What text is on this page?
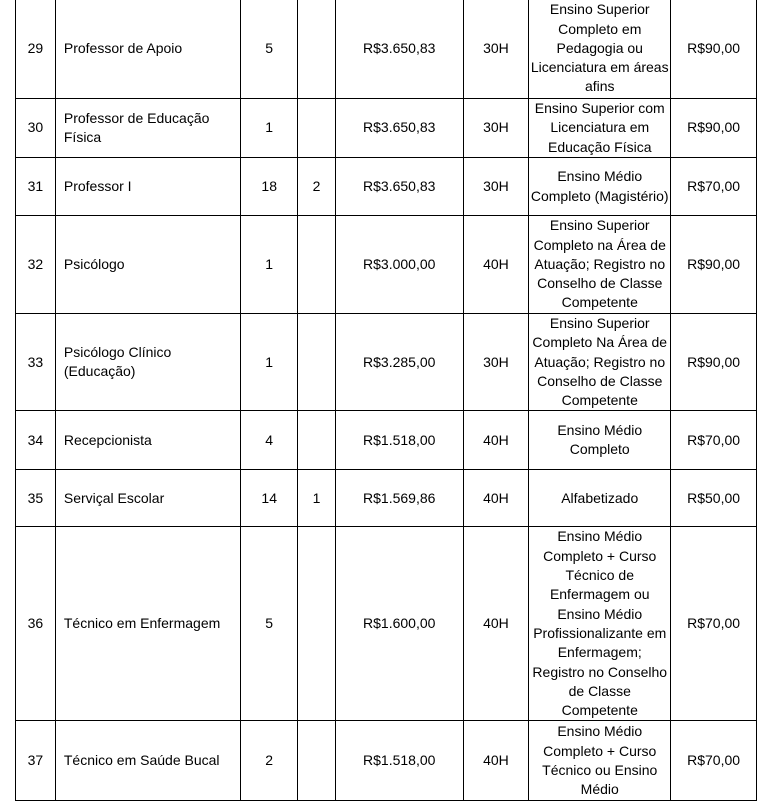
29	Professor de Apoio	5		R$3.650,83	30H	Ensino Superior Completo em Pedagogia ou Licenciatura em áreas afins	R$90,00
30	Professor de Educação Física	1		R$3.650,83	30H	Ensino Superior com Licenciatura em Educação Física	R$90,00
31	Professor I	18	2	R$3.650,83	30H	Ensino Médio Completo (Magistério)	R$70,00
32	Psicólogo	1		R$3.000,00	40H	Ensino Superior Completo na Área de Atuação; Registro no Conselho de Classe Competente	R$90,00
33	Psicólogo Clínico (Educação)	1		R$3.285,00	30H	Ensino Superior Completo Na Área de Atuação; Registro no Conselho de Classe Competente	R$90,00
34	Recepcionista	4		R$1.518,00	40H	Ensino Médio Completo	R$70,00
35	Serviçal Escolar	14	1	R$1.569,86	40H	Alfabetizado	R$50,00
36	Técnico em Enfermagem	5		R$1.600,00	40H	Ensino Médio Completo + Curso Técnico de Enfermagem ou Ensino Médio Profissionalizante em Enfermagem; Registro no Conselho de Classe Competente	R$70,00
37	Técnico em Saúde Bucal	2		R$1.518,00	40H	Ensino Médio Completo + Curso Técnico ou Ensino Médio	R$70,00
